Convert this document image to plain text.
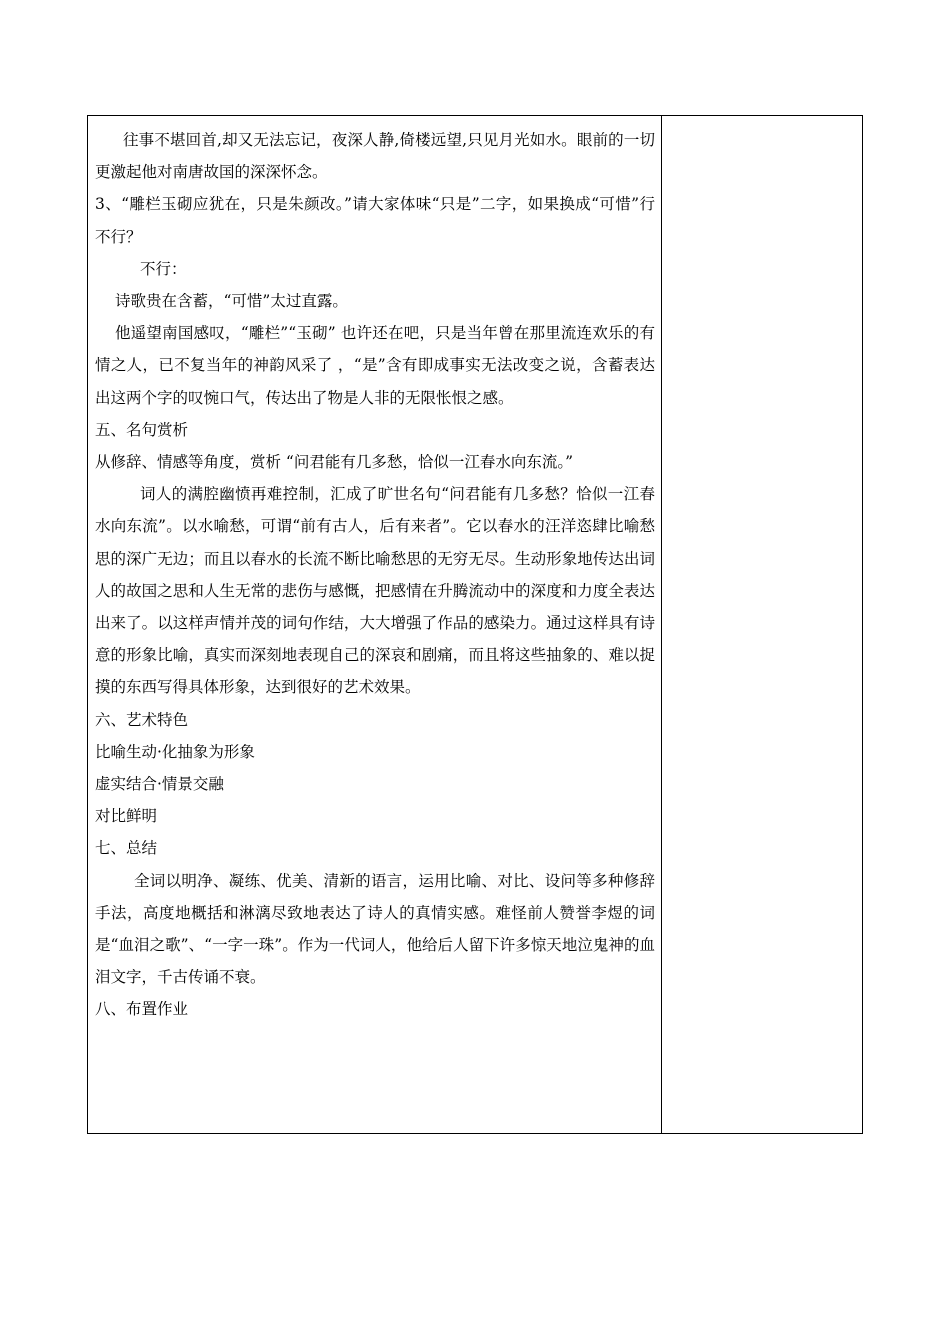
往事不堪回首,却又无法忘记，夜深人静,倚楼远望,只见月光如水。眼前的一切更激起他对南唐故国的深深怀念。

3、“雕栏玉砌应犹在，只是朱颜改。”请大家体味“只是”二字，如果换成“可惜”行不行？

不行：

诗歌贵在含蓄，“可惜”太过直露。

他遥望南国感叹，“雕栏”“玉砌” 也许还在吧，只是当年曾在那里流连欢乐的有情之人，已不复当年的神韵风采了 ，“是”含有即成事实无法改变之说，含蓄表达出这两个字的叹惋口气，传达出了物是人非的无限怅恨之感。

五、名句赏析

从修辞、情感等角度，赏析 “问君能有几多愁，恰似一江春水向东流。”

词人的满腔幽愤再难控制，汇成了旷世名句“问君能有几多愁？恰似一江春水向东流”。以水喻愁，可谓“前有古人，后有来者”。它以春水的汪洋恣肆比喻愁思的深广无边；而且以春水的长流不断比喻愁思的无穷无尽。生动形象地传达出词人的故国之思和人生无常的悲伤与感慨，把感情在升腾流动中的深度和力度全表达出来了。以这样声情并茂的词句作结，大大增强了作品的感染力。通过这样具有诗意的形象比喻，真实而深刻地表现自己的深哀和剧痛，而且将这些抽象的、难以捉摸的东西写得具体形象，达到很好的艺术效果。

六、艺术特色

比喻生动·化抽象为形象

虚实结合·情景交融

对比鲜明

七、总结

全词以明净、凝练、优美、清新的语言，运用比喻、对比、设问等多种修辞手法，高度地概括和淋漓尽致地表达了诗人的真情实感。难怪前人赞誉李煜的词是“血泪之歌”、“一字一珠”。作为一代词人，他给后人留下许多惊天地泣鬼神的血泪文字，千古传诵不衰。

八、布置作业
